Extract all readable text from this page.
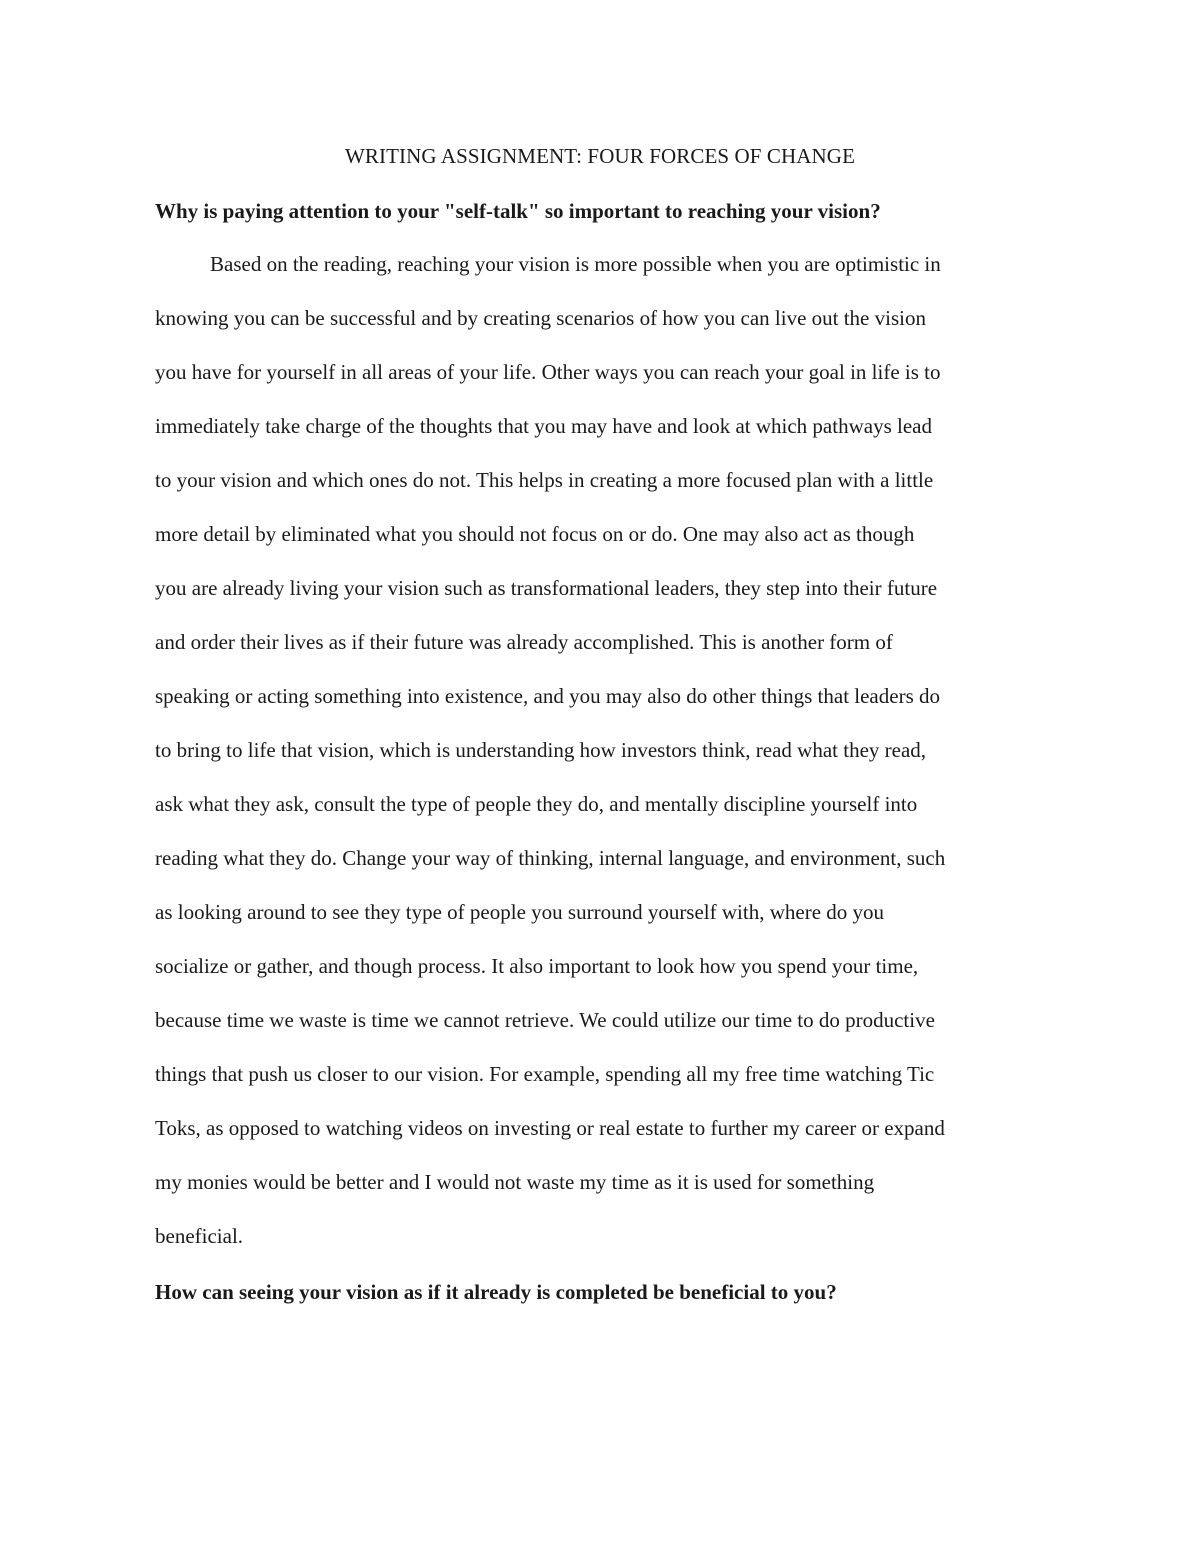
WRITING ASSIGNMENT: FOUR FORCES OF CHANGE

Why is paying attention to your "self-talk" so important to reaching your vision?

Based on the reading, reaching your vision is more possible when you are optimistic in
knowing you can be successful and by creating scenarios of how you can live out the vision
you have for yourself in all areas of your life. Other ways you can reach your goal in life is to
immediately take charge of the thoughts that you may have and look at which pathways lead
to your vision and which ones do not. This helps in creating a more focused plan with a little
more detail by eliminated what you should not focus on or do. One may also act as though
you are already living your vision such as transformational leaders, they step into their future
and order their lives as if their future was already accomplished. This is another form of
speaking or acting something into existence, and you may also do other things that leaders do
to bring to life that vision, which is understanding how investors think, read what they read,
ask what they ask, consult the type of people they do, and mentally discipline yourself into
reading what they do. Change your way of thinking, internal language, and environment, such
as looking around to see they type of people you surround yourself with, where do you
socialize or gather, and though process. It also important to look how you spend your time,
because time we waste is time we cannot retrieve. We could utilize our time to do productive
things that push us closer to our vision. For example, spending all my free time watching Tic
Toks, as opposed to watching videos on investing or real estate to further my career or expand
my monies would be better and I would not waste my time as it is used for something
beneficial.

How can seeing your vision as if it already is completed be beneficial to you?
